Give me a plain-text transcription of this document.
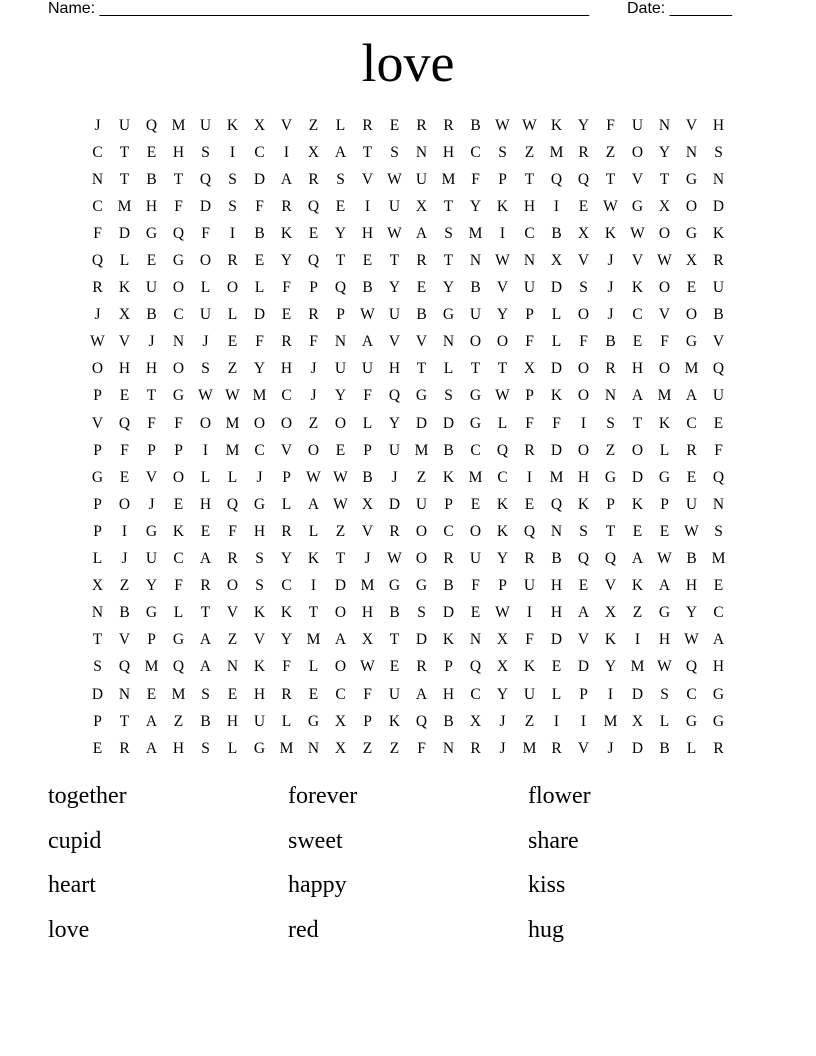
Name: _______________________________________________________ Date: _______
love
J	U	Q M U	K	X	V	Z	L	R	E	R	R	B W W K	Y	F	U	N	V	H
C	T	E	H	S	I	C	I	X	A	T	S	N	H	C	S	Z M R	Z	O	Y	N	S
N	T	B	T	Q	S	D	A	R	S	V W U M	F	P	T	Q	Q	T	V	T	G	N
C M H	F	D	S	F	R	Q	E	I	U	X	T	Y	K	H	I	E W G	X	O	D
F	D	G	Q	F	I	B	K	E	Y	H W A	S	M	I	C	B	X	K W O	G	K
Q	L	E	G	O	R	E	Y	Q	T	E	T	R	T	N W N	X	V	J	V W X	R
R	K	U	O	L	O	L	F	P	Q	B	Y	E	Y	B	V	U	D	S	J	K	O	E	U
J	X	B	C	U	L	D	E	R	P W U	B	G	U	Y	P	L	O	J	C	V	O	B
W V	J	N	J	E	F	R	F	N	A	V	V	N	O	O	F	L	F	B	E	F	G	V
O	H	H	O	S	Z	Y	H	J	U	U	H	T	L	T	T	X	D	O	R	H	O M Q
P	E	T	G W W M C	J	Y	F	Q	G	S	G W P	K	O	N	A M A	U
V	Q	F	F	O M O	O	Z	O	L	Y	D	D	G	L	F	F	I	S	T	K	C	E
P	F	P	P	I	M C	V	O	E	P	U M B	C	Q	R	D	O	Z	O	L	R	F
G	E	V	O	L	L	J	P W W B	J	Z	K M C	I	M H	G	D	G	E	Q
P	O	J	E	H	Q	G	L	A W X	D	U	P	E	K	E	Q	K	P	K	P	U	N
P	I	G	K	E	F	H	R	L	Z	V	R	O	C	O	K	Q	N	S	T	E	E W S
L	J	U	C	A	R	S	Y	K	T	J	W O	R	U	Y	R	B	Q	Q	A W B M
X	Z	Y	F	R	O	S	C	I	D M G	G	B	F	P	U	H	E	V	K	A	H	E
N	B	G	L	T	V	K	K	T	O	H	B	S	D	E W	I	H	A	X	Z	G	Y	C
T	V	P	G	A	Z	V	Y M A	X	T	D	K	N	X	F	D	V	K	I	H W A
S	Q M Q	A	N	K	F	L	O W E	R	P	Q	X	K	E	D	Y M W Q	H
D	N	E M	S	E	H	R	E	C	F	U	A	H	C	Y	U	L	P	I	D	S	C	G
P	T	A	Z	B	H	U	L	G	X	P	K	Q	B	X	J	Z	I	I	M X	L	G	G
E	R	A	H	S	L	G M N	X	Z	Z	F	N	R	J	M R	V	J	D	B	L	R
together	forever	flower
cupid	sweet	share
heart	happy	kiss
love	red	hug
